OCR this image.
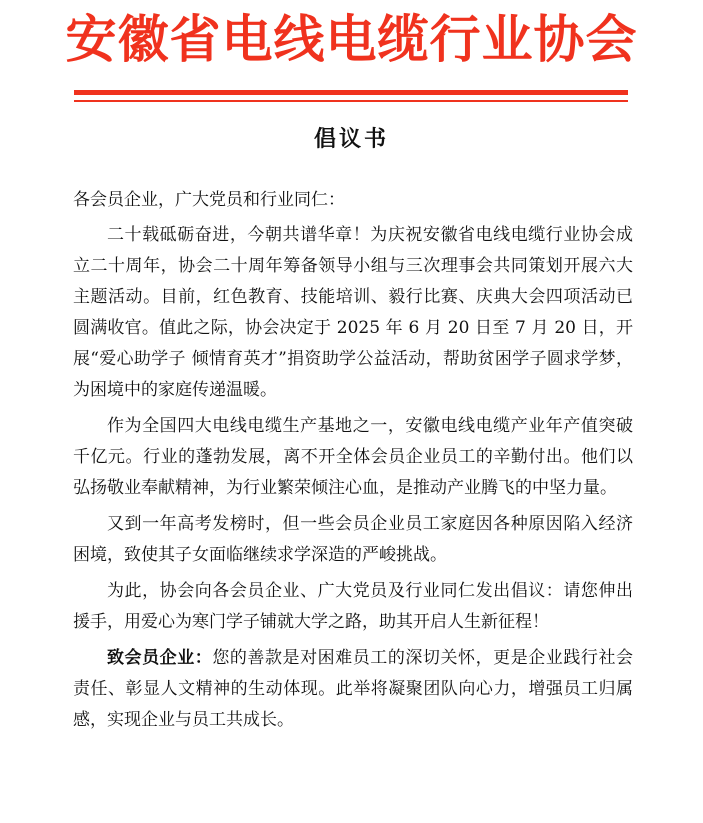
安徽省电线电缆行业协会
倡议书

各会员企业，广大党员和行业同仁：

二十载砥砺奋进，今朝共谱华章！为庆祝安徽省电线电缆行业协会成立二十周年，协会二十周年筹备领导小组与三次理事会共同策划开展六大主题活动。目前，红色教育、技能培训、毅行比赛、庆典大会四项活动已圆满收官。值此之际，协会决定于 2025 年 6 月 20 日至 7 月 20 日，开展“爱心助学子 倾情育英才”捐资助学公益活动，帮助贫困学子圆求学梦，为困境中的家庭传递温暖。

作为全国四大电线电缆生产基地之一，安徽电线电缆产业年产值突破千亿元。行业的蓬勃发展，离不开全体会员企业员工的辛勤付出。他们以弘扬敬业奉献精神，为行业繁荣倾注心血，是推动产业腾飞的中坚力量。

又到一年高考发榜时，但一些会员企业员工家庭因各种原因陷入经济困境，致使其子女面临继续求学深造的严峻挑战。

为此，协会向各会员企业、广大党员及行业同仁发出倡议：请您伸出援手，用爱心为寒门学子铺就大学之路，助其开启人生新征程！

致会员企业：您的善款是对困难员工的深切关怀，更是企业践行社会责任、彰显人文精神的生动体现。此举将凝聚团队向心力，增强员工归属感，实现企业与员工共成长。
